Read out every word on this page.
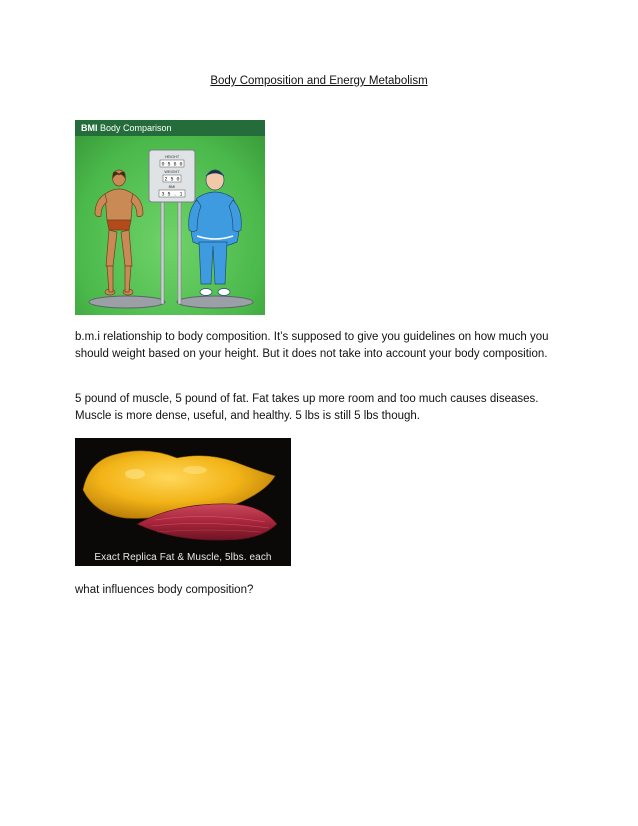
Body Composition and Energy Metabolism
BMI Body Comparison
HEIGHT
0 5 6 0
WEIGHT
2 5 0
BMI
3 5 . 1

b.m.i relationship to body composition. It’s supposed to give you guidelines on how much you should weight based on your height. But it does not take into account your body composition.

5 pound of muscle, 5 pound of fat. Fat takes up more room and too much causes diseases. Muscle is more dense, useful, and healthy. 5 lbs is still 5 lbs though.

Exact Replica Fat & Muscle, 5lbs. each

what influences body composition?
